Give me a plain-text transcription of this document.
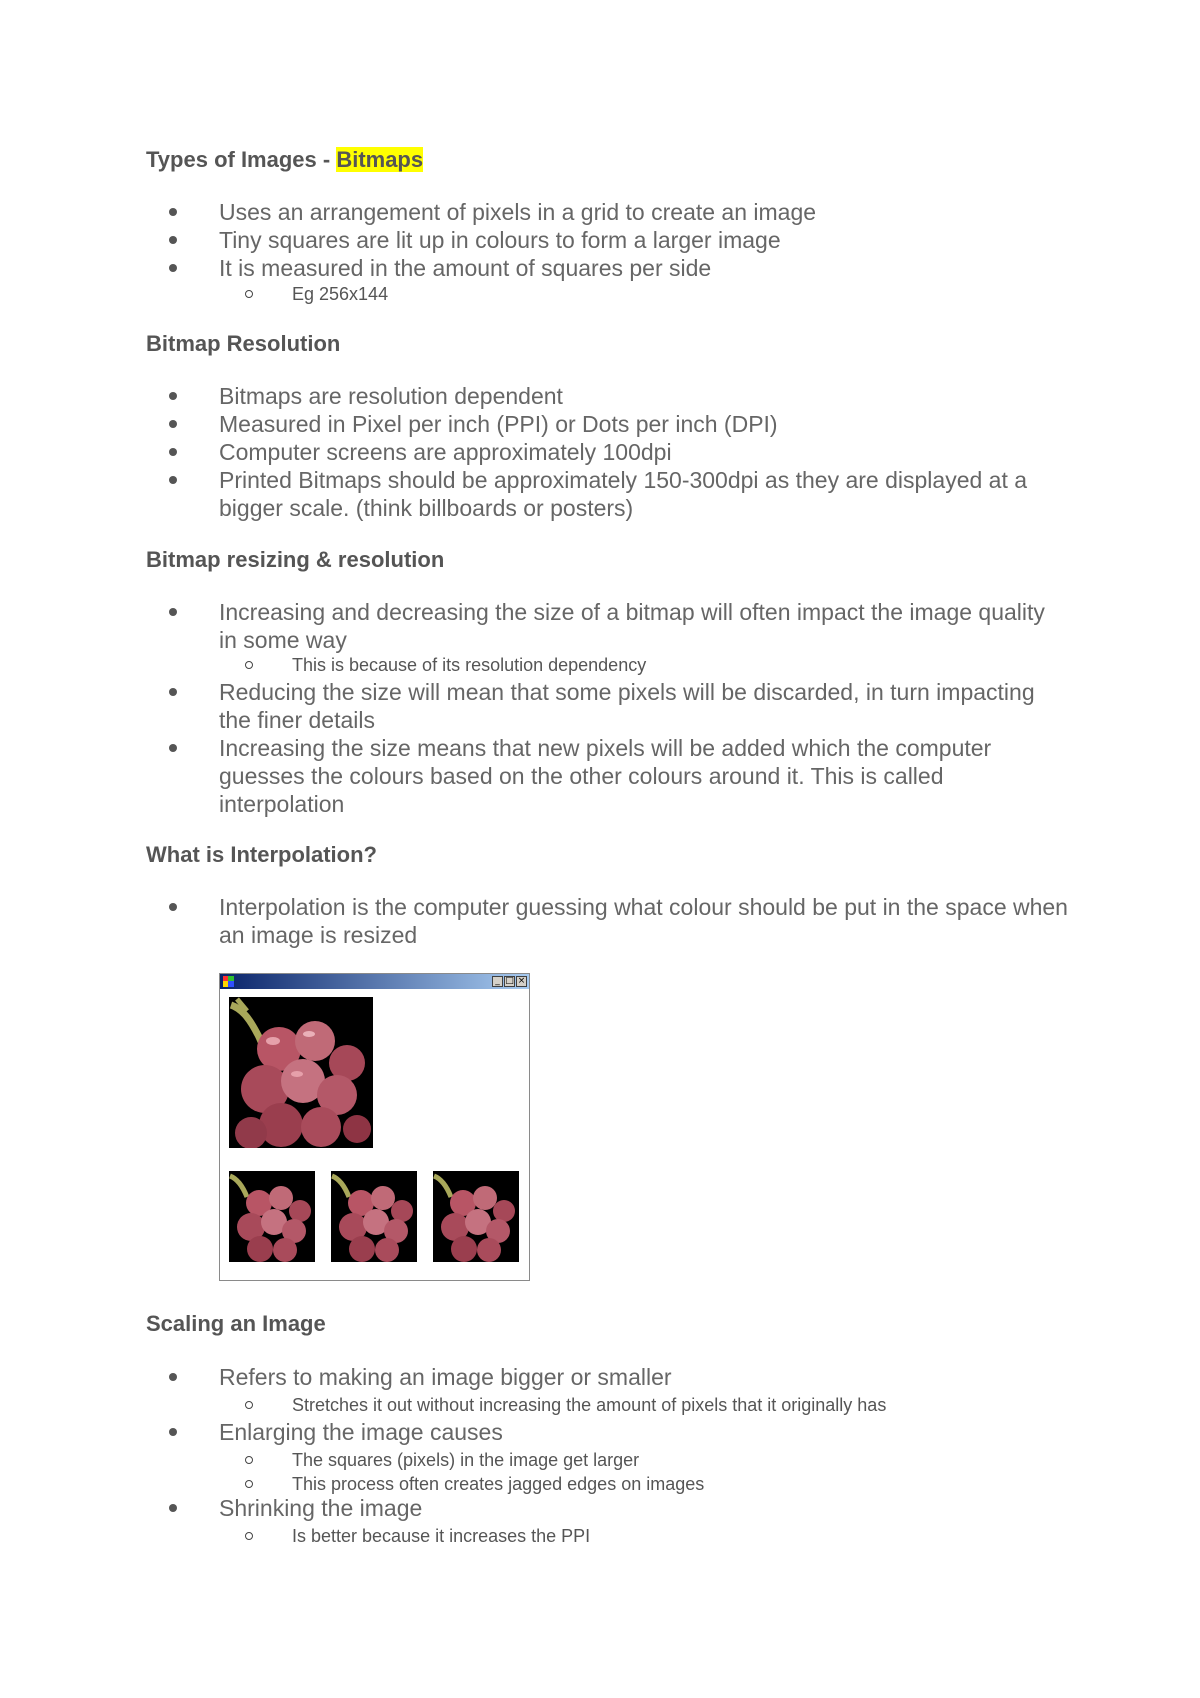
Types of Images - Bitmaps
Uses an arrangement of pixels in a grid to create an image
Tiny squares are lit up in colours to form a larger image
It is measured in the amount of squares per side
Eg 256x144
Bitmap Resolution
Bitmaps are resolution dependent
Measured in Pixel per inch (PPI) or Dots per inch (DPI)
Computer screens are approximately 100dpi
Printed Bitmaps should be approximately 150-300dpi as they are displayed at a bigger scale. (think billboards or posters)
Bitmap resizing & resolution
Increasing and decreasing the size of a bitmap will often impact the image quality in some way
This is because of its resolution dependency
Reducing the size will mean that some pixels will be discarded, in turn impacting the finer details
Increasing the size means that new pixels will be added which the computer guesses the colours based on the other colours around it. This is called interpolation
What is Interpolation?
Interpolation is the computer guessing what colour should be put in the space when an image is resized
_ □ ×
Scaling an Image
Refers to making an image bigger or smaller
Stretches it out without increasing the amount of pixels that it originally has
Enlarging the image causes
The squares (pixels) in the image get larger
This process often creates jagged edges on images
Shrinking the image
Is better because it increases the PPI
